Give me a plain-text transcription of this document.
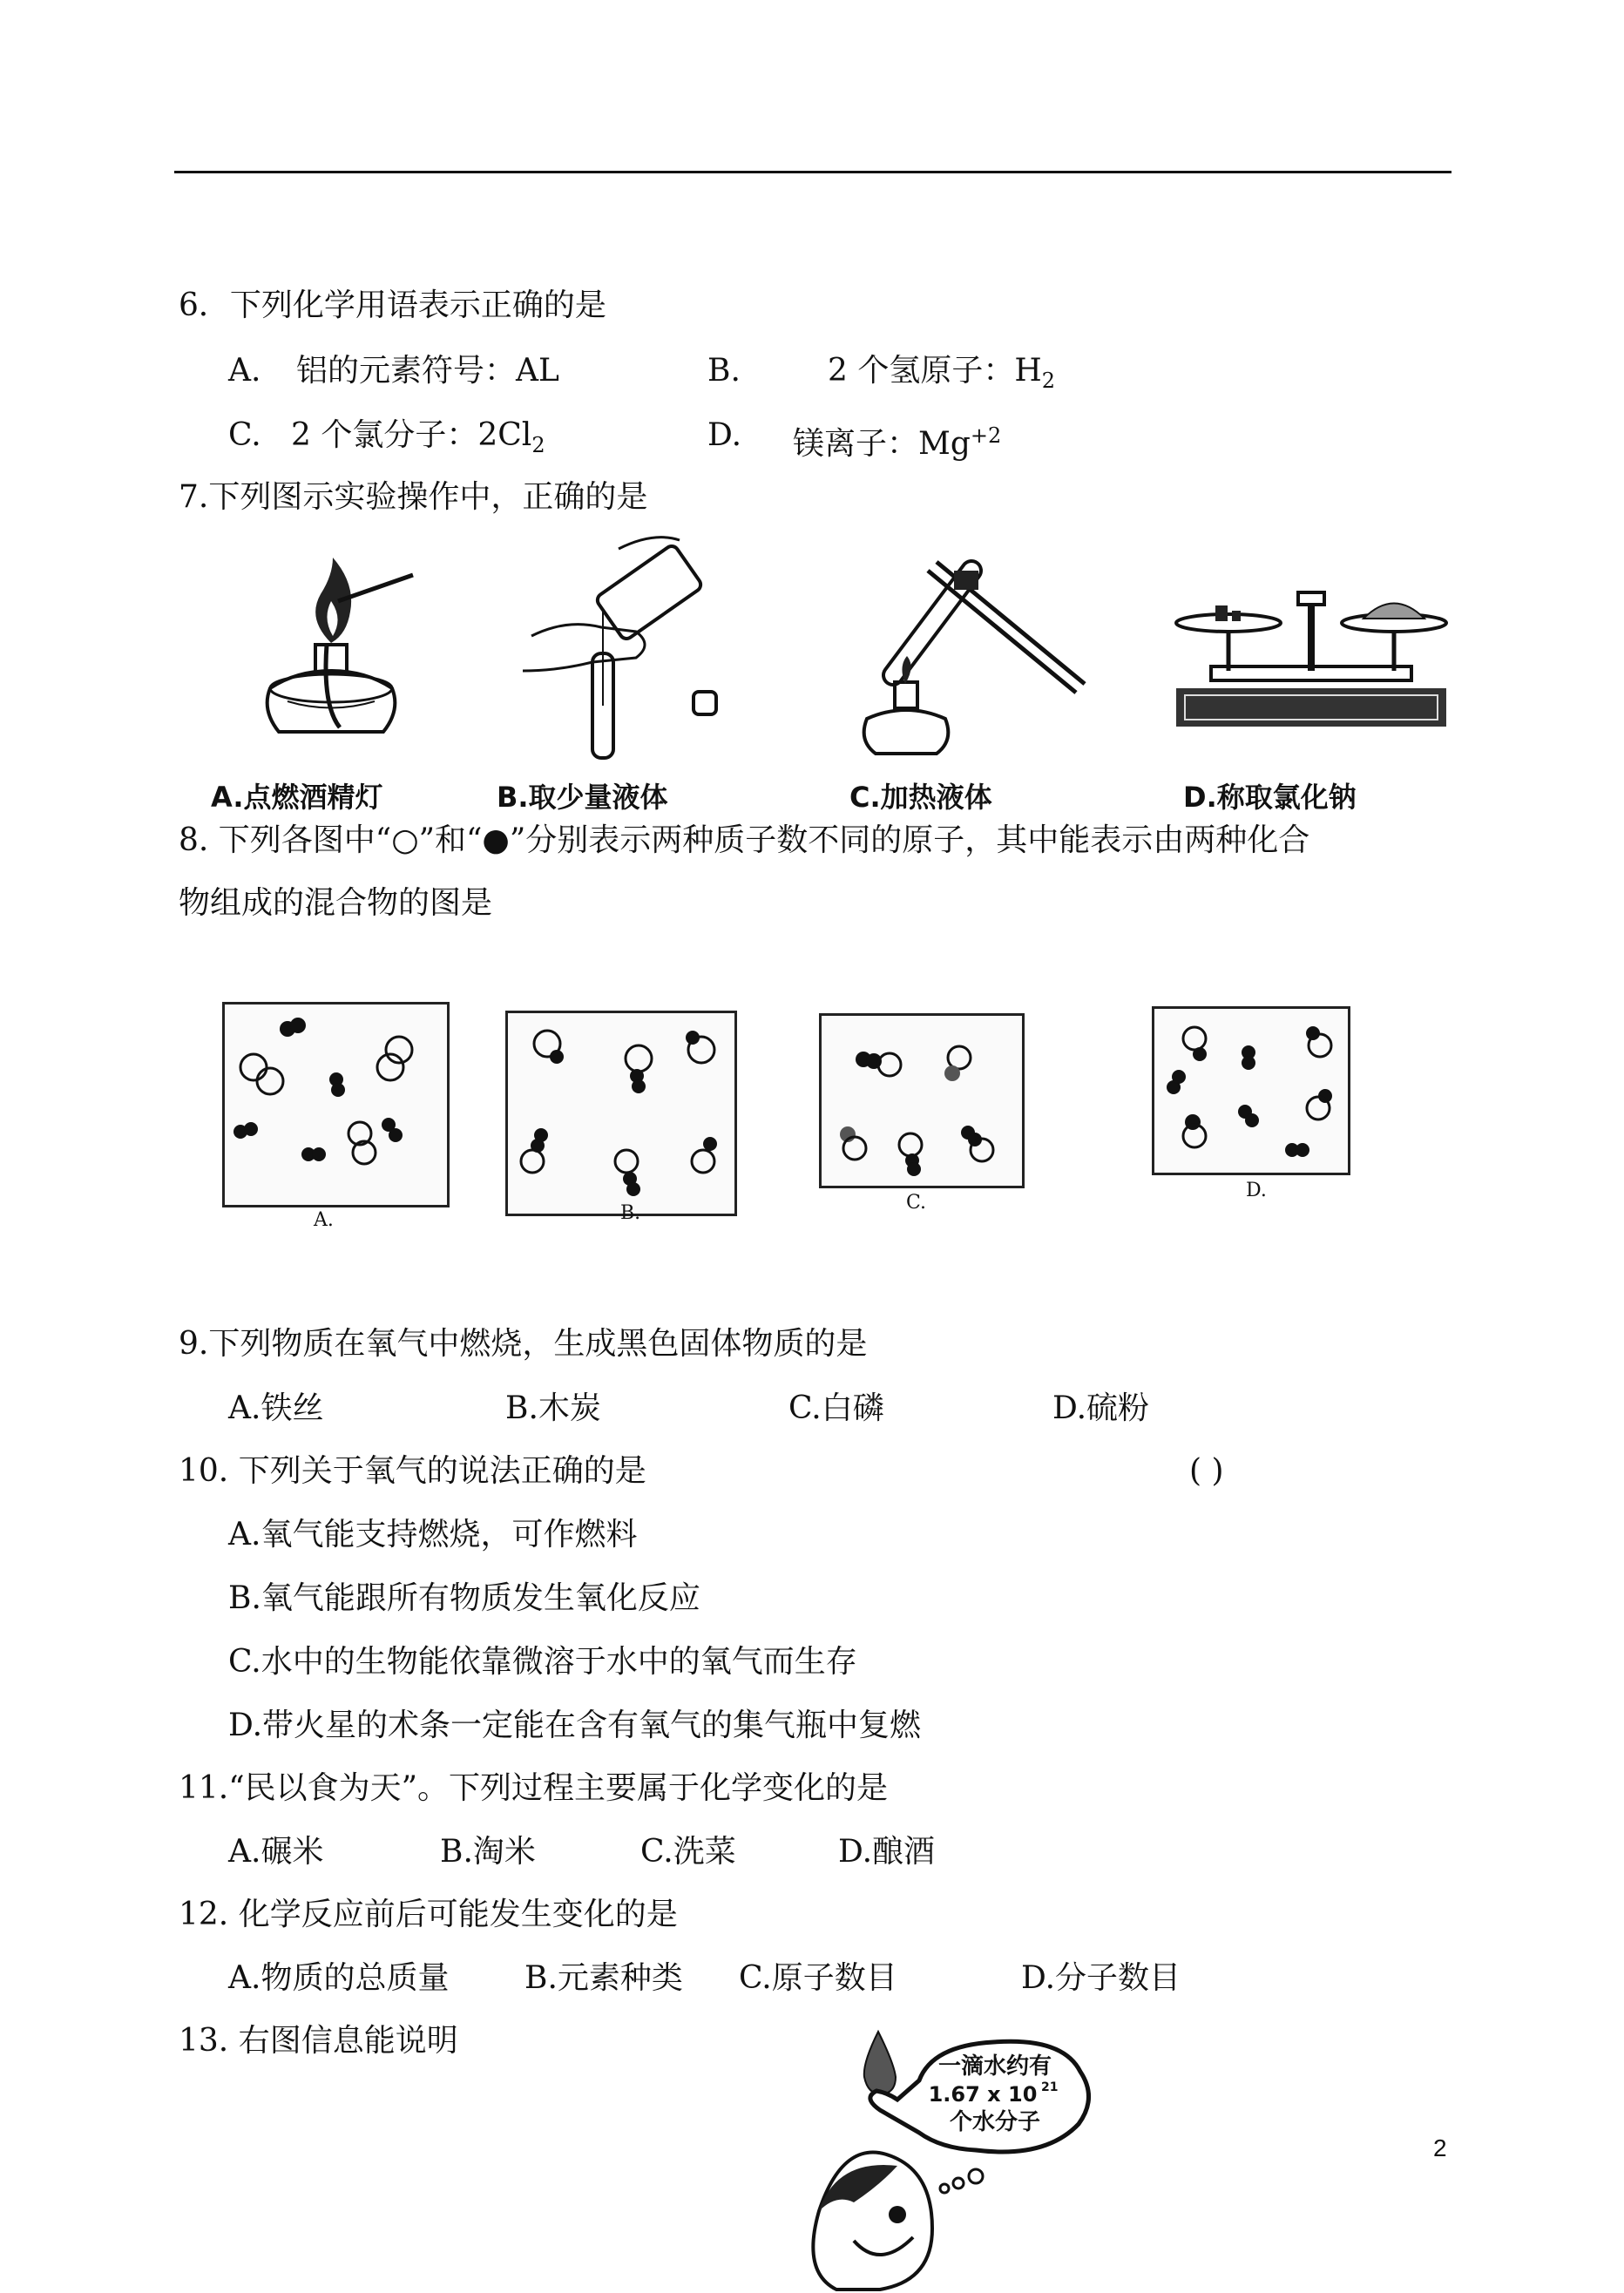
6．下列化学用语表示正确的是
A. 铝的元素符号：AL	B.	2 个氢原子：$H_2$
C. 2 个氯分子：$2Cl_2$	D. 镁离子：$Mg^{+2}$
7.下列图示实验操作中，正确的是
A.点燃酒精灯	B.取少量液体	C.加热液体	D.称取氯化钠
8. 下列各图中“○”和“●”分别表示两种质子数不同的原子，其中能表示由两种化合
物组成的混合物的图是
A.	B.	C.
D.
9.下列物质在氧气中燃烧，生成黑色固体物质的是
A.铁丝	B.木炭	C.白磷	D.硫粉
10. 下列关于氧气的说法正确的是	( )
A.氧气能支持燃烧，可作燃料
B.氧气能跟所有物质发生氧化反应
C.水中的生物能依靠微溶于水中的氧气而生存
D.带火星的术条一定能在含有氧气的集气瓶中复燃
11.“民以食为天”。下列过程主要属于化学变化的是
A.碾米	B.淘米	C.洗菜	D.酿酒
12. 化学反应前后可能发生变化的是
A.物质的总质量 B.元素种类 C.原子数目	D.分子数目
13. 右图信息能说明
一滴水约有
1.67 x 10 21
个水分子
2
